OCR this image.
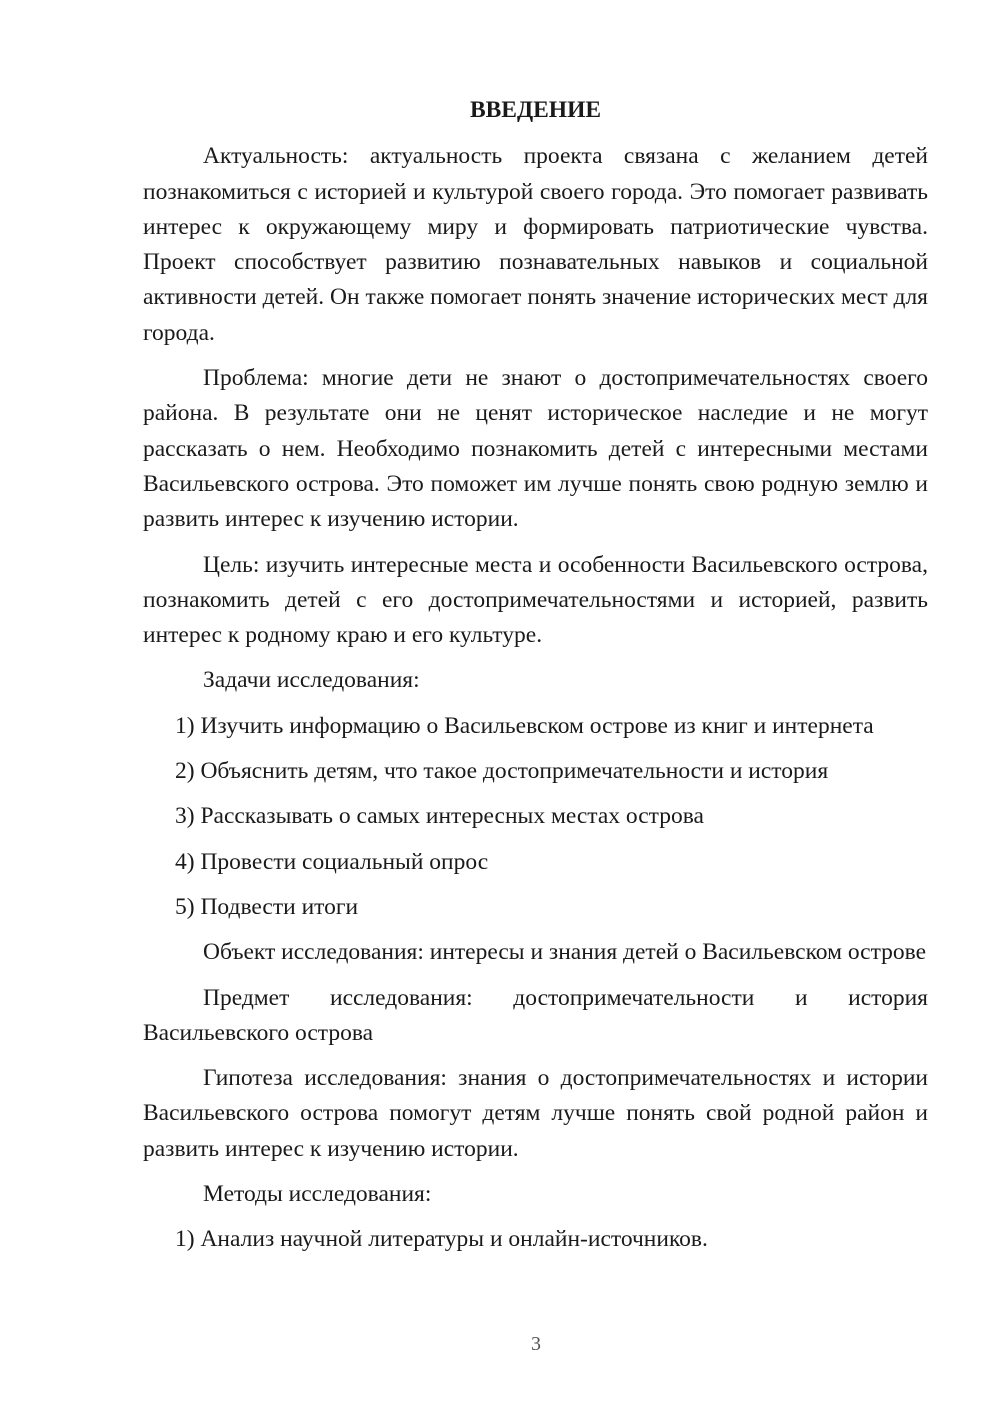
ВВЕДЕНИЕ

Актуальность: актуальность проекта связана с желанием детей познакомиться с историей и культурой своего города. Это помогает развивать интерес к окружающему миру и формировать патриотические чувства. Проект способствует развитию познавательных навыков и социальной активности детей. Он также помогает понять значение исторических мест для города.

Проблема: многие дети не знают о достопримечательностях своего района. В результате они не ценят историческое наследие и не могут рассказать о нем. Необходимо познакомить детей с интересными местами Васильевского острова. Это поможет им лучше понять свою родную землю и развить интерес к изучению истории.

Цель: изучить интересные места и особенности Васильевского острова, познакомить детей с его достопримечательностями и историей, развить интерес к родному краю и его культуре.

Задачи исследования:
1) Изучить информацию о Васильевском острове из книг и интернета
2) Объяснить детям, что такое достопримечательности и история
3) Рассказывать о самых интересных местах острова
4) Провести социальный опрос
5) Подвести итоги

Объект исследования: интересы и знания детей о Васильевском острове

Предмет исследования: достопримечательности и история Васильевского острова

Гипотеза исследования: знания о достопримечательностях и истории Васильевского острова помогут детям лучше понять свой родной район и развить интерес к изучению истории.

Методы исследования:
1) Анализ научной литературы и онлайн-источников.
3
